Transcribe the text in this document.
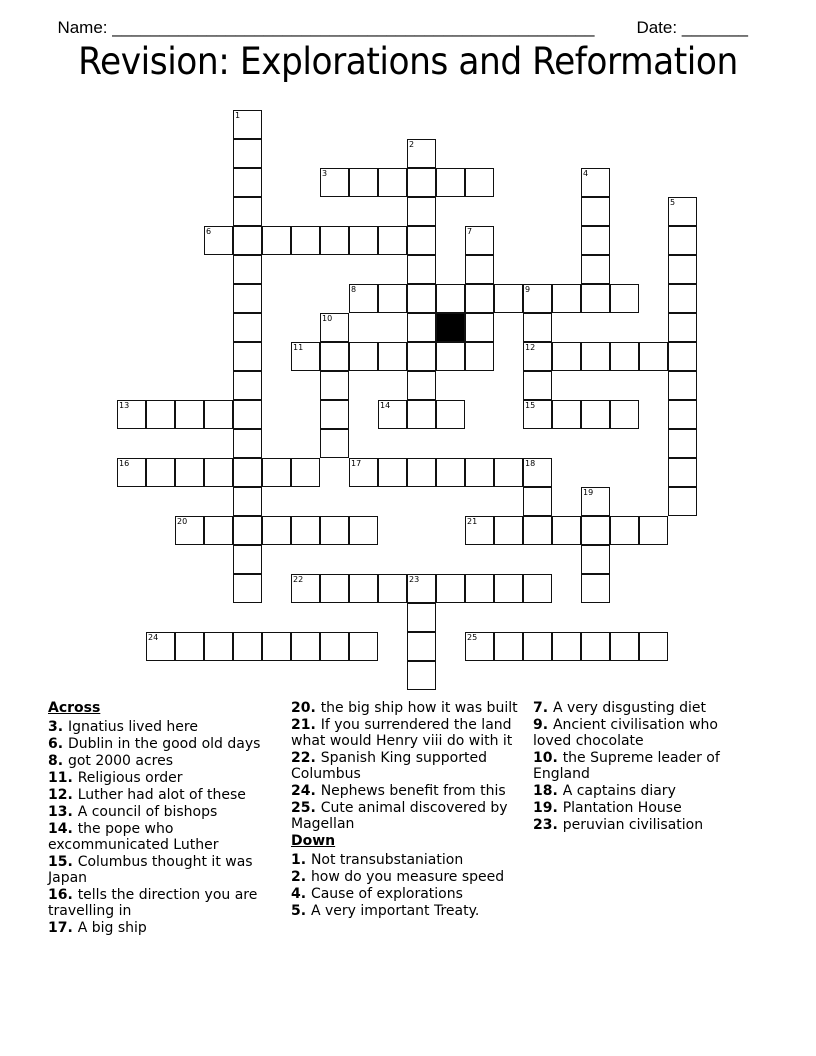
Name: ___________________________________________________	Date: _______

Revision: Explorations and Reformation
1
2
3	4
5
6	7
8	9
12
15
10
11
13	14
16	17	18
19
20	21
22	23
24	25
Across
3. Ignatius lived here
6. Dublin in the good old days
8. got 2000 acres
11. Religious order
12. Luther had alot of these
13. A council of bishops
14. the pope who excommunicated Luther
15. Columbus thought it was Japan
16. tells the direction you are travelling in
17. A big ship
20. the big ship how it was built
21. If you surrendered the land what would Henry viii do with it
22. Spanish King supported Columbus
24. Nephews benefit from this
25. Cute animal discovered by Magellan
Down
1. Not transubstaniation
2. how do you measure speed
4. Cause of explorations
5. A very important Treaty.
7. A very disgusting diet
9. Ancient civilisation who loved chocolate
10. the Supreme leader of England
18. A captains diary
19. Plantation House
23. peruvian civilisation
